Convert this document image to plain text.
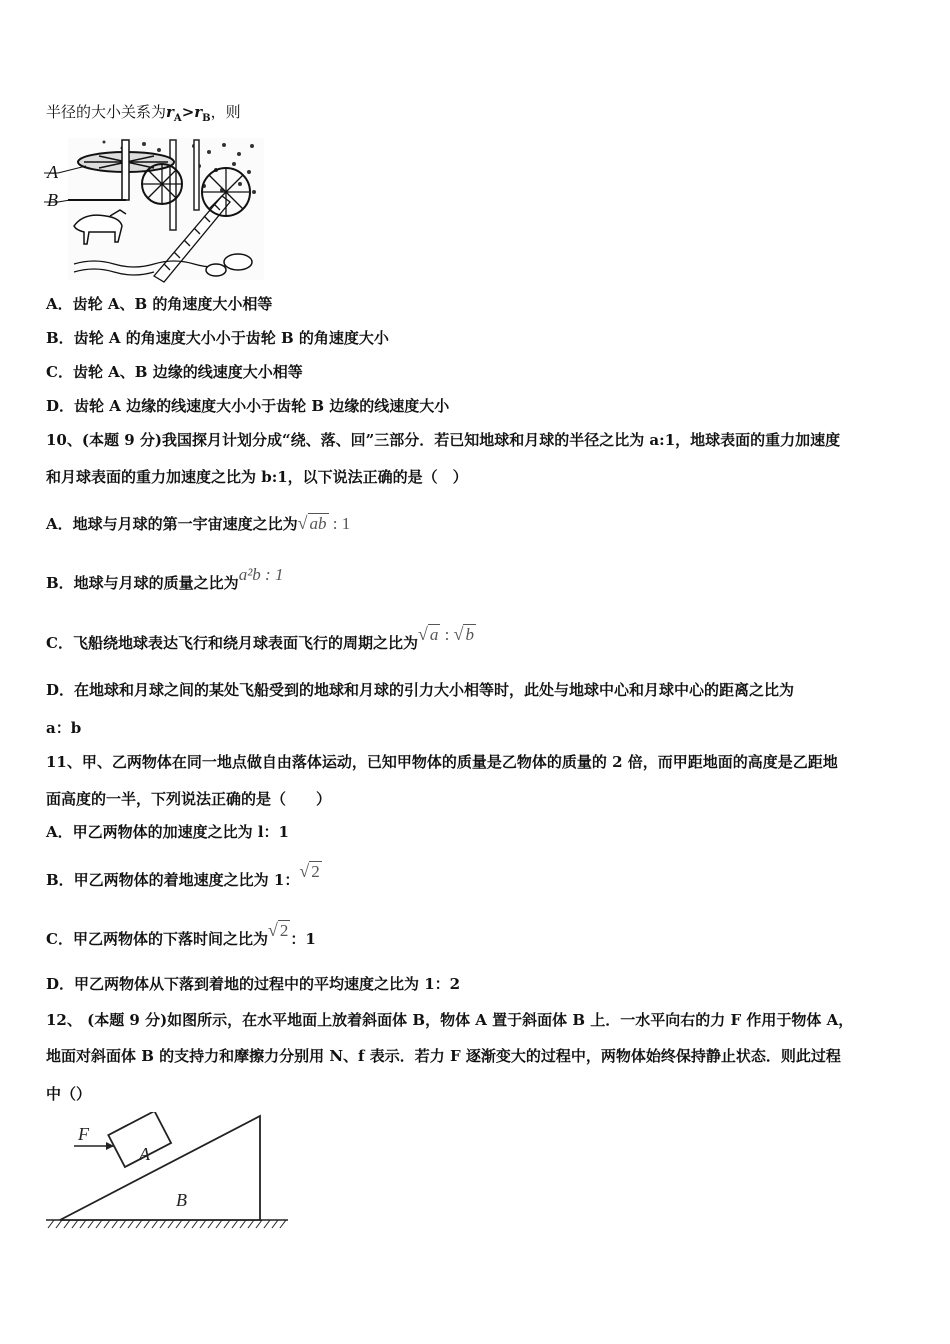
半径的大小关系为$r_A>r_B$，则
A
B
A．齿轮 A、B 的角速度大小相等
B．齿轮 A 的角速度大小小于齿轮 B 的角速度大小
C．齿轮 A、B 边缘的线速度大小相等
D．齿轮 A 边缘的线速度大小小于齿轮 B 边缘的线速度大小
10、(本题 9 分)我国探月计划分成“绕、落、回”三部分．若已知地球和月球的半径之比为 a:1，地球表面的重力加速度
和月球表面的重力加速度之比为 b:1，以下说法正确的是（　）
A．地球与月球的第一宇宙速度之比为√ ab : 1
B．地球与月球的质量之比为a²b : 1
C．飞船绕地球表达飞行和绕月球表面飞行的周期之比为√ a : √ b
D．在地球和月球之间的某处飞船受到的地球和月球的引力大小相等时，此处与地球中心和月球中心的距离之比为
a：b
11、甲、乙两物体在同一地点做自由落体运动，已知甲物体的质量是乙物体的质量的 2 倍，而甲距地面的高度是乙距地
面高度的一半，下列说法正确的是（　　）
A．甲乙两物体的加速度之比为 l：1
B．甲乙两物体的着地速度之比为 1：√ 2
C．甲乙两物体的下落时间之比为√ 2 ：1
D．甲乙两物体从下落到着地的过程中的平均速度之比为 1：2
12、 (本题 9 分)如图所示，在水平地面上放着斜面体 B，物体 A 置于斜面体 B 上．一水平向右的力 F 作用于物体 A，
地面对斜面体 B 的支持力和摩擦力分别用 N、f 表示．若力 F 逐渐变大的过程中，两物体始终保持静止状态．则此过程
中（）
F
A
B
